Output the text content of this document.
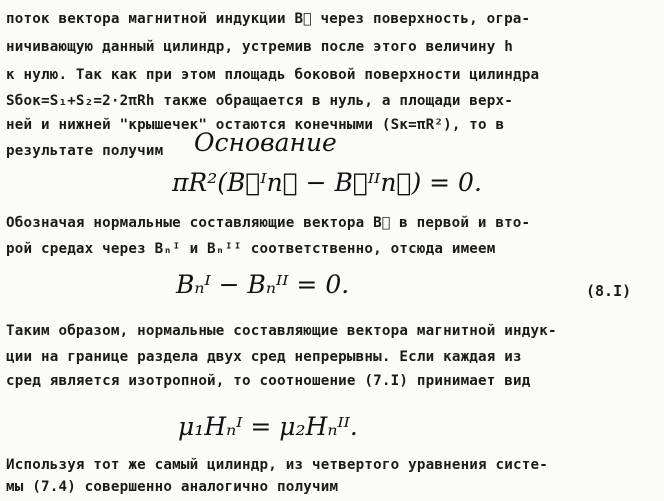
поток вектора магнитной индукции B⃗ через поверхность, огра-
ничивающую данный цилиндр, устремив после этого величину h
к нулю. Так как при этом площадь боковой поверхности цилиндра
Sбок=S₁+S₂=2·2πRh также обращается в нуль, а площади верх-
ней и нижней "крышечек" остаются конечными (Sк=πR²), то в
результате получим	Основание
πR²(B⃗ᴵn⃗ − B⃗ᴵᴵn⃗) = 0.
Обозначая нормальные составляющие вектора B⃗ в первой и вто-
рой средах через Bₙᴵ и Bₙᴵᴵ соответственно, отсюда имеем
Bₙᴵ − Bₙᴵᴵ = 0.	(8.I)
Таким образом, нормальные составляющие вектора магнитной индук-
ции на границе раздела двух сред непрерывны. Если каждая из
сред является изотропной, то соотношение (7.I) принимает вид
μ₁Hₙᴵ = μ₂Hₙᴵᴵ.
Используя тот же самый цилиндр, из четвертого уравнения систе-
мы (7.4) совершенно аналогично получим
